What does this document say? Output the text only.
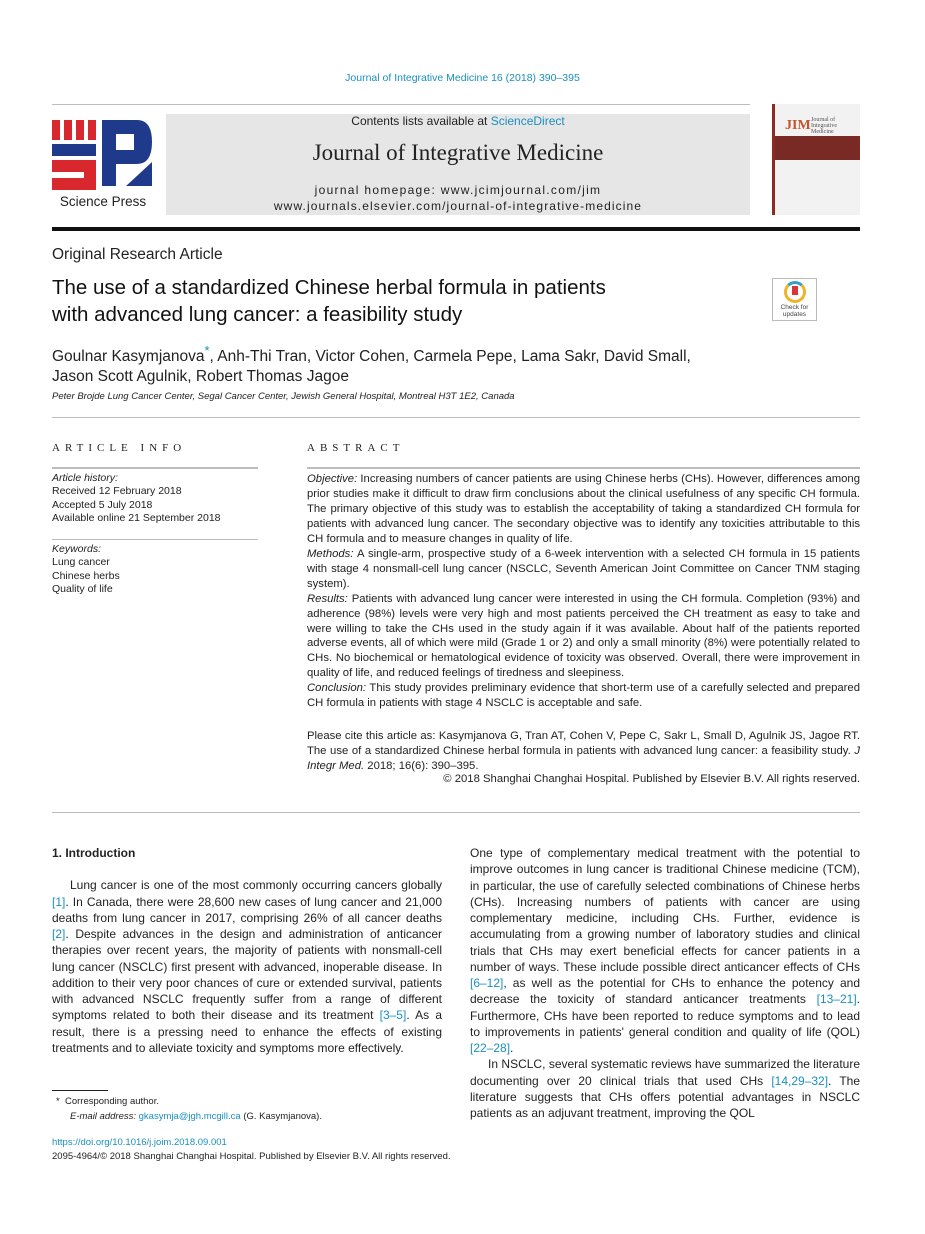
Journal of Integrative Medicine 16 (2018) 390–395
Science Press
Contents lists available at ScienceDirect
Journal of Integrative Medicine
journal homepage: www.jcimjournal.com/jim
www.journals.elsevier.com/journal-of-integrative-medicine
JIM Journal of Integrative Medicine
Original Research Article
The use of a standardized Chinese herbal formula in patients
with advanced lung cancer: a feasibility study	Check for updates
Goulnar Kasymjanova*, Anh-Thi Tran, Victor Cohen, Carmela Pepe, Lama Sakr, David Small,
Jason Scott Agulnik, Robert Thomas Jagoe
Peter Brojde Lung Cancer Center, Segal Cancer Center, Jewish General Hospital, Montreal H3T 1E2, Canada
ARTICLE INFO	ABSTRACT
Article history:
Received 12 February 2018
Accepted 5 July 2018
Available online 21 September 2018
Keywords:
Lung cancer
Chinese herbs
Quality of life

Objective: Increasing numbers of cancer patients are using Chinese herbs (CHs). However, differences among prior studies make it difficult to draw firm conclusions about the clinical usefulness of any specific CH formula. The primary objective of this study was to establish the acceptability of taking a standardized CH formula for patients with advanced lung cancer. The secondary objective was to identify any toxicities attributable to this CH formula and to measure changes in quality of life.

Methods: A single-arm, prospective study of a 6-week intervention with a selected CH formula in 15 patients with stage 4 nonsmall-cell lung cancer (NSCLC, Seventh American Joint Committee on Cancer TNM staging system).

Results: Patients with advanced lung cancer were interested in using the CH formula. Completion (93%) and adherence (98%) levels were very high and most patients perceived the CH treatment as easy to take and were willing to take the CHs used in the study again if it was available. About half of the patients reported adverse events, all of which were mild (Grade 1 or 2) and only a small minority (8%) were potentially related to CHs. No biochemical or hematological evidence of toxicity was observed. Overall, there were improvement in quality of life, and reduced feelings of tiredness and sleepiness.

Conclusion: This study provides preliminary evidence that short-term use of a carefully selected and prepared CH formula in patients with stage 4 NSCLC is acceptable and safe.

Please cite this article as: Kasymjanova G, Tran AT, Cohen V, Pepe C, Sakr L, Small D, Agulnik JS, Jagoe RT. The use of a standardized Chinese herbal formula in patients with advanced lung cancer: a feasibility study. J Integr Med. 2018; 16(6): 390–395.
© 2018 Shanghai Changhai Hospital. Published by Elsevier B.V. All rights reserved.
1. Introduction

Lung cancer is one of the most commonly occurring cancers globally [1]. In Canada, there were 28,600 new cases of lung cancer and 21,000 deaths from lung cancer in 2017, comprising 26% of all cancer deaths [2]. Despite advances in the design and administration of anticancer therapies over recent years, the majority of patients with nonsmall-cell lung cancer (NSCLC) first present with advanced, inoperable disease. In addition to their very poor chances of cure or extended survival, patients with advanced NSCLC frequently suffer from a range of different symptoms related to both their disease and its treatment [3–5]. As a result, there is a pressing need to enhance the effects of existing treatments and to alleviate toxicity and symptoms more effectively.

One type of complementary medical treatment with the potential to improve outcomes in lung cancer is traditional Chinese medicine (TCM), in particular, the use of carefully selected combinations of Chinese herbs (CHs). Increasing numbers of patients with cancer are using complementary medicine, including CHs. Further, evidence is accumulating from a growing number of laboratory studies and clinical trials that CHs may exert beneficial effects for cancer patients in a number of ways. These include possible direct anticancer effects of CHs [6–12], as well as the potential for CHs to enhance the potency and decrease the toxicity of standard anticancer treatments [13–21]. Furthermore, CHs have been reported to reduce symptoms and to lead to improvements in patients' general condition and quality of life (QOL) [22–28].

In NSCLC, several systematic reviews have summarized the literature documenting over 20 clinical trials that used CHs [14,29–32]. The literature suggests that CHs offers potential advantages in NSCLC patients as an adjuvant treatment, improving the QOL

* Corresponding author.
E-mail address: gkasymja@jgh.mcgill.ca (G. Kasymjanova).
https://doi.org/10.1016/j.joim.2018.09.001
2095-4964/© 2018 Shanghai Changhai Hospital. Published by Elsevier B.V. All rights reserved.
